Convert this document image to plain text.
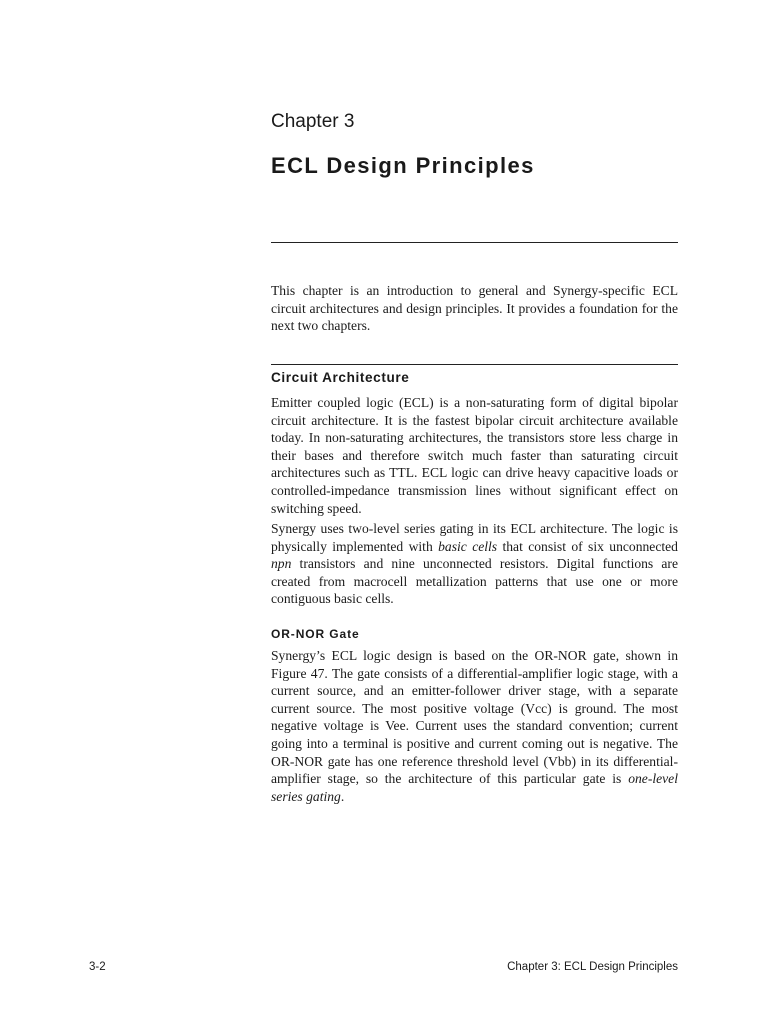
Chapter 3
ECL Design Principles

This chapter is an introduction to general and Synergy-specific ECL circuit architectures and design principles. It provides a foundation for the next two chapters.

Circuit Architecture

Emitter coupled logic (ECL) is a non-saturating form of digital bipolar circuit architecture. It is the fastest bipolar circuit architecture available today. In non-saturating architectures, the transistors store less charge in their bases and therefore switch much faster than saturating circuit architectures such as TTL. ECL logic can drive heavy capacitive loads or controlled-impedance transmission lines without significant effect on switching speed.

Synergy uses two-level series gating in its ECL architecture. The logic is physically implemented with basic cells that consist of six unconnected npn transistors and nine unconnected resistors. Digital functions are created from macrocell metallization patterns that use one or more contiguous basic cells.

OR-NOR Gate

Synergy’s ECL logic design is based on the OR-NOR gate, shown in Figure 47. The gate consists of a differential-amplifier logic stage, with a current source, and an emitter-follower driver stage, with a separate current source. The most positive voltage (Vcc) is ground. The most negative voltage is Vee. Current uses the standard convention; current going into a terminal is positive and current coming out is negative. The OR-NOR gate has one reference threshold level (Vbb) in its differential-amplifier stage, so the architecture of this particular gate is one-level series gating.

3-2	Chapter 3: ECL Design Principles
